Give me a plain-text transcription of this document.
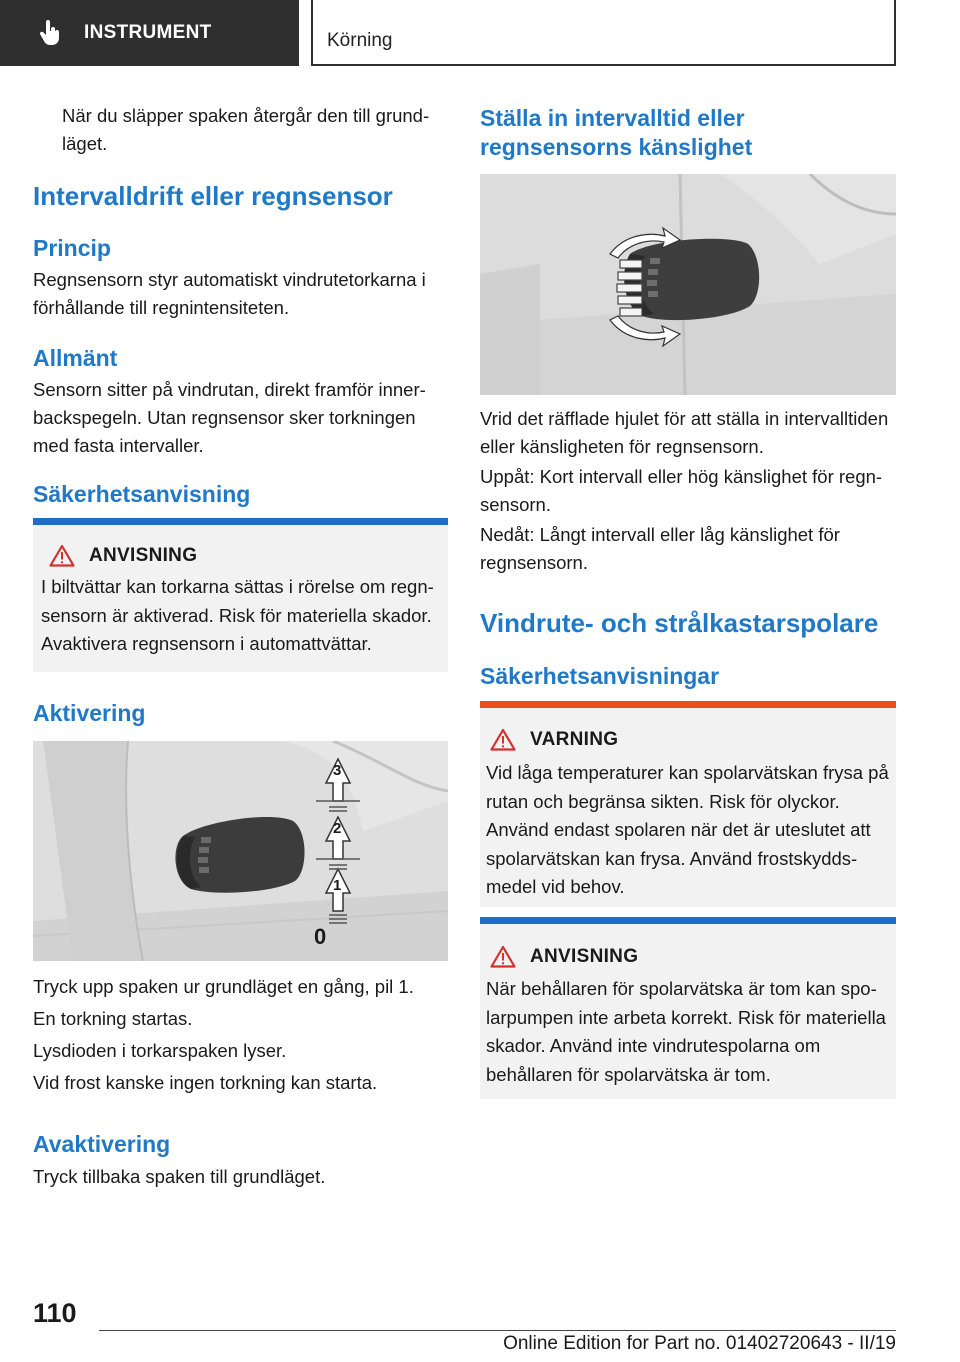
INSTRUMENT	Körning

När du släpper spaken återgår den till grundläget.

Intervalldrift eller regnsensor
Princip

Regnsensorn styr automatiskt vindrutetorkarna i förhållande till regnintensiteten.

Allmänt

Sensorn sitter på vindrutan, direkt framför innerbackspegeln. Utan regnsensor sker torkningen med fasta intervaller.

Säkerhetsanvisning
ANVISNING
I biltvättar kan torkarna sättas i rörelse om regnsensorn är aktiverad. Risk för materiella skador. Avaktivera regnsensorn i automattvättar.
Aktivering
3
2
1
0

Tryck upp spaken ur grundläget en gång, pil 1.

En torkning startas.

Lysdioden i torkarspaken lyser.

Vid frost kanske ingen torkning kan starta.

Avaktivering

Tryck tillbaka spaken till grundläget.

Ställa in intervalltid eller regnsensorns känslighet

Vrid det räfflade hjulet för att ställa in intervalltiden eller känsligheten för regnsensorn.

Uppåt: Kort intervall eller hög känslighet för regnsensorn.

Nedåt: Långt intervall eller låg känslighet för regnsensorn.

Vindrute- och strålkastarspolare
Säkerhetsanvisningar
VARNING
Vid låga temperaturer kan spolarvätskan frysa på rutan och begränsa sikten. Risk för olyckor. Använd endast spolaren när det är uteslutet att spolarvätskan kan frysa. Använd frostskyddsmedel vid behov.
ANVISNING
När behållaren för spolarvätska är tom kan spolarpumpen inte arbeta korrekt. Risk för materiella skador. Använd inte vindrutespolarna om behållaren för spolarvätska är tom.
110
Online Edition for Part no. 01402720643 - II/19
